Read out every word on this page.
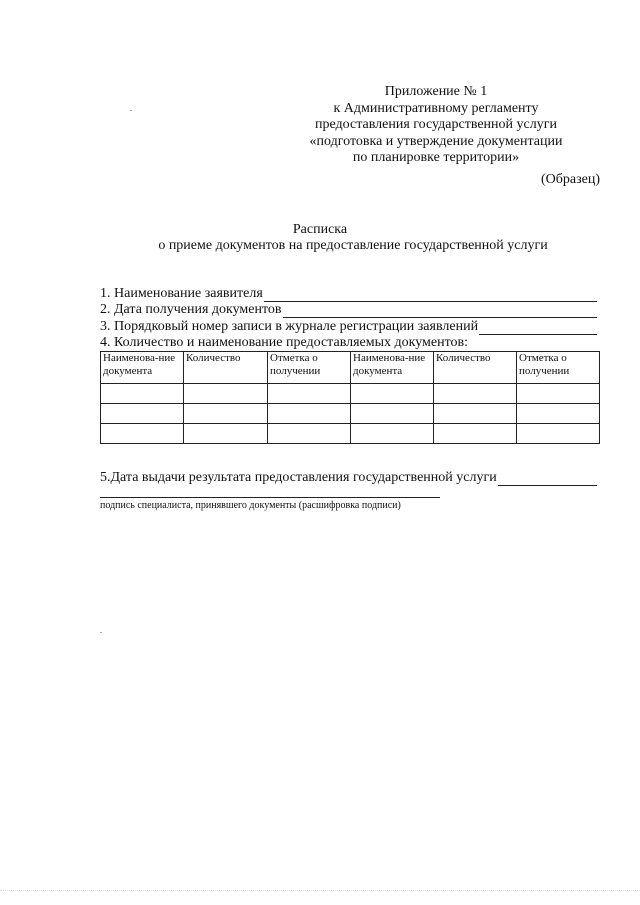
Приложение № 1
к Административному регламенту
предоставления государственной услуги
«подготовка и утверждение документации
по планировке территории»
(Образец)
Расписка
о приеме документов на предоставление государственной услуги
1. Наименование заявителя
2. Дата получения документов
3. Порядковый номер записи в журнале регистрации заявлений
4. Количество и наименование предоставляемых документов:
Наименова-ние документа	Количество	Отметка о получении	Наименова-ние документа	Количество	Отметка о получении

5.Дата выдачи результата предоставления государственной услуги
подпись специалиста, принявшего документы (расшифровка подписи)
